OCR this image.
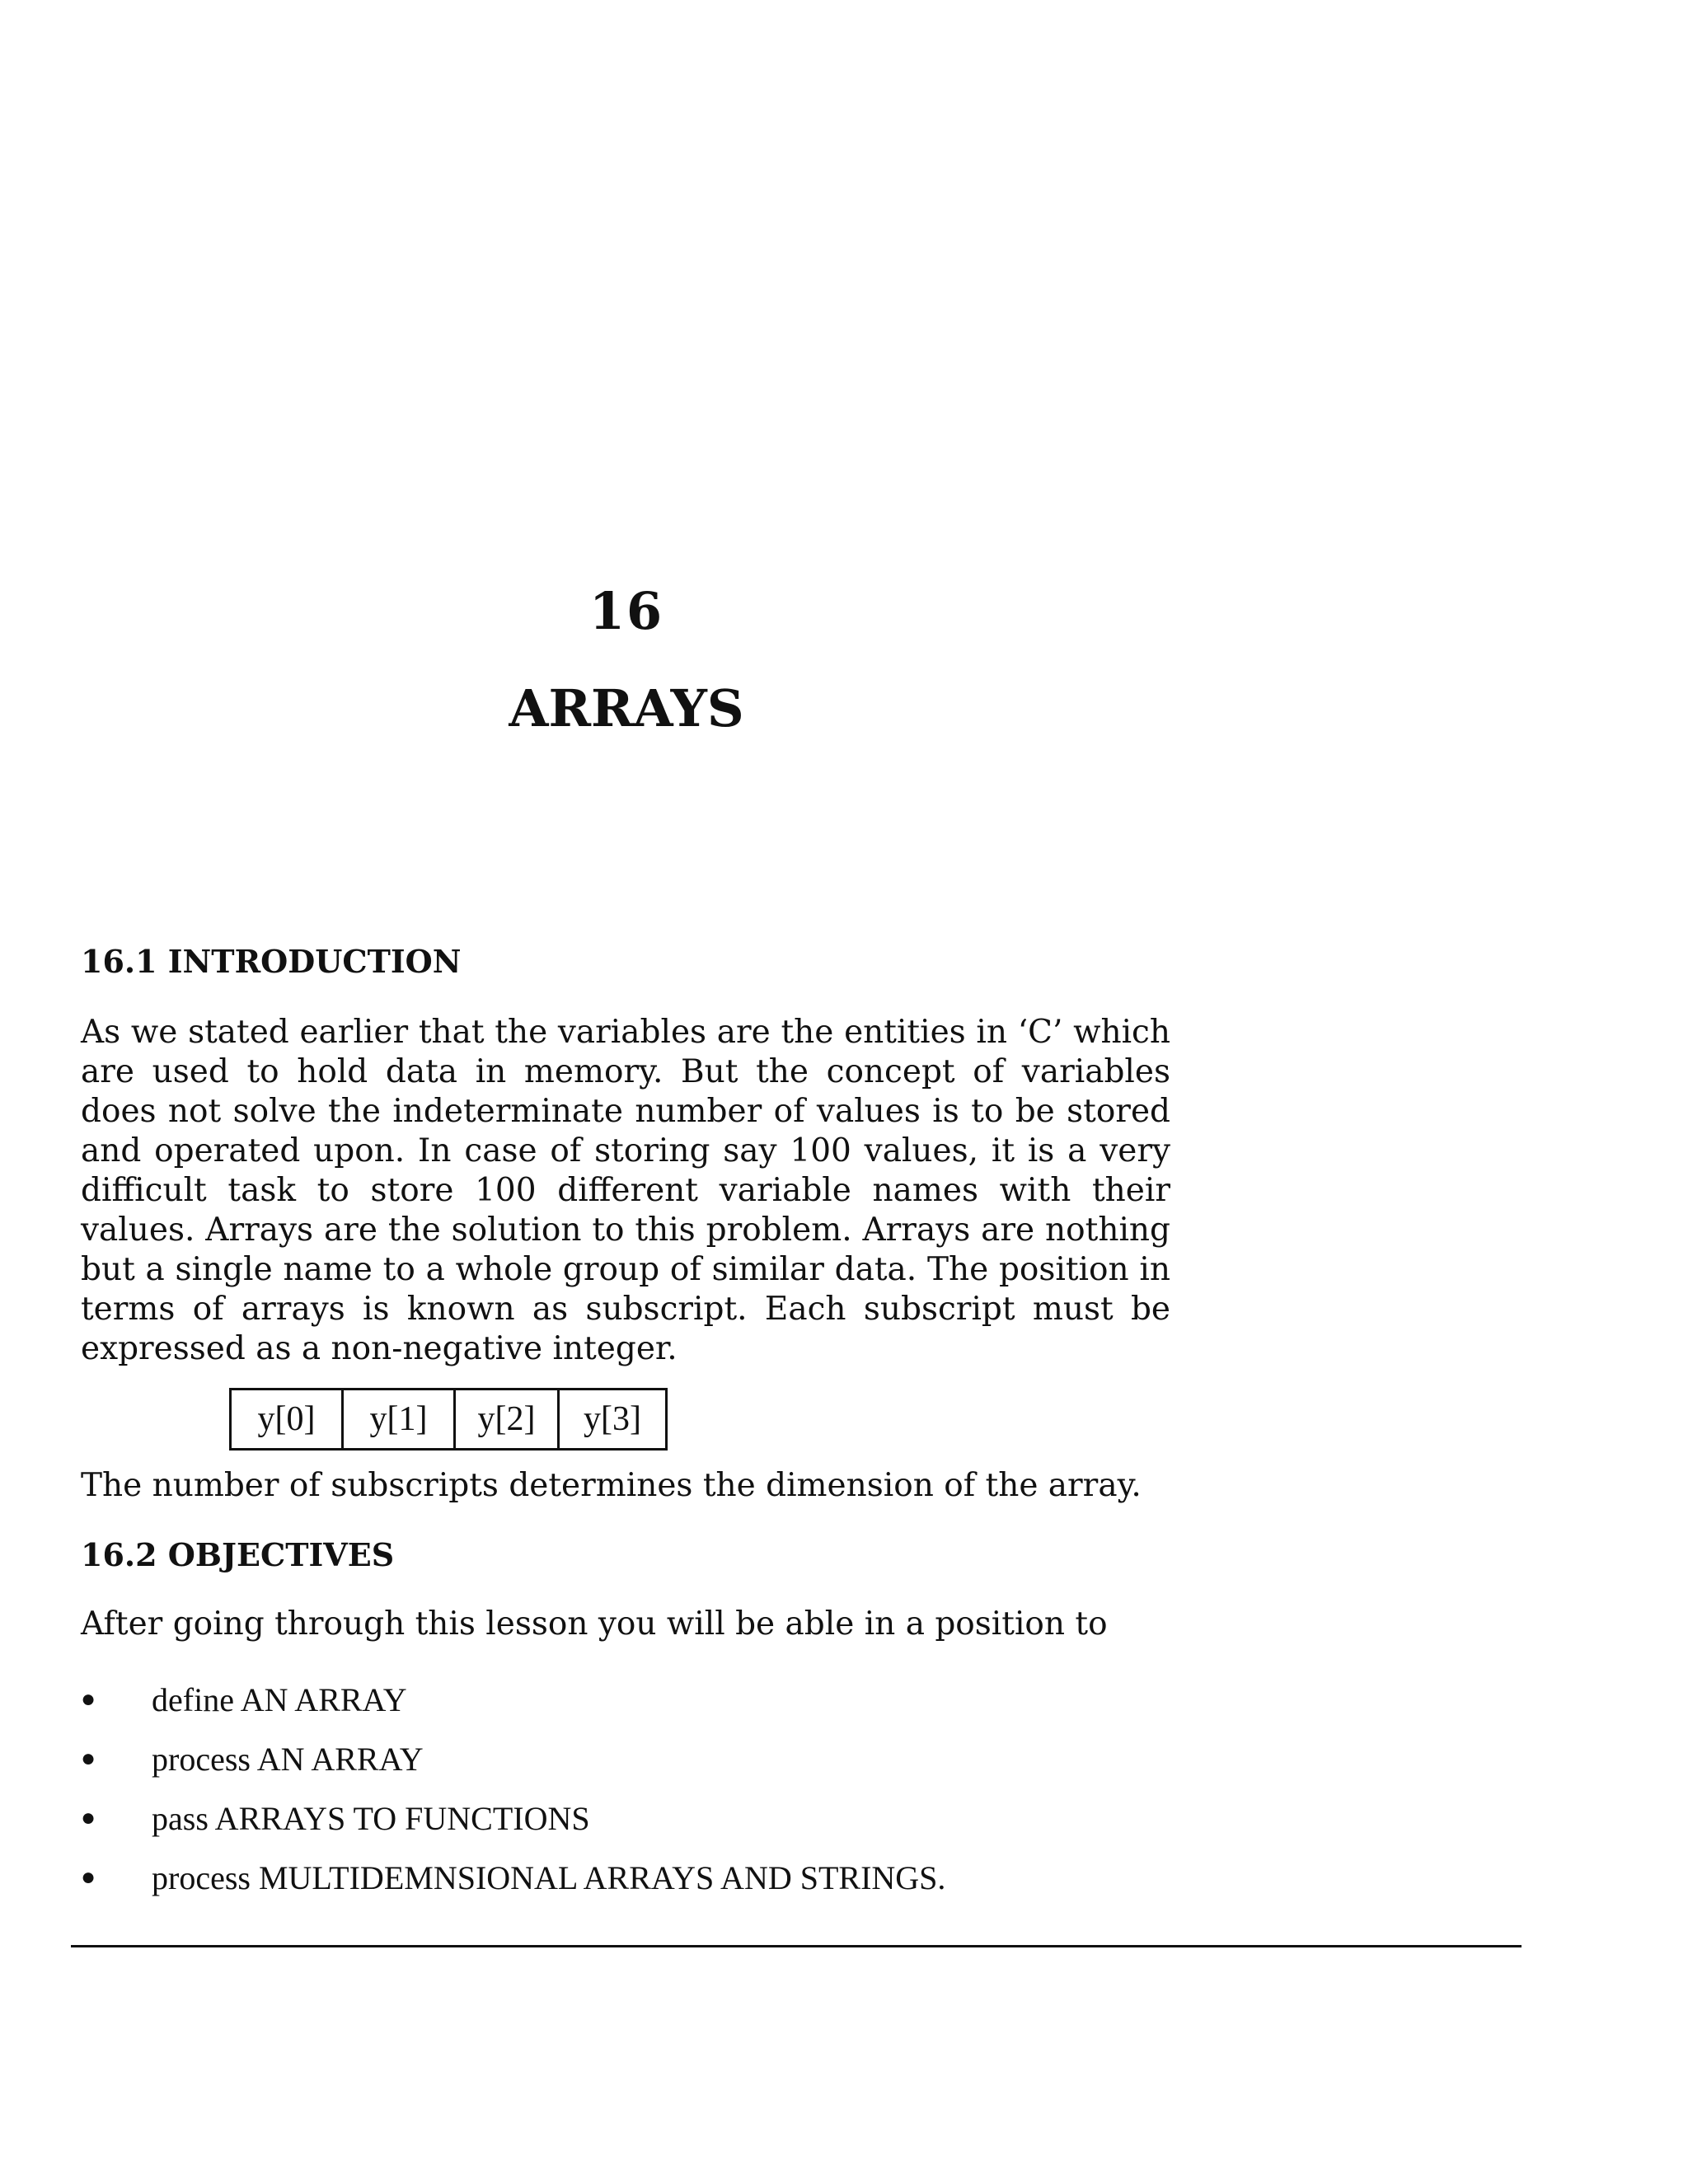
16
ARRAYS
16.1 INTRODUCTION

As we stated earlier that the variables are the entities in ‘C’ which are used to hold data in memory. But the concept of variables does not solve the indeterminate number of values is to be stored and operated upon. In case of storing say 100 values, it is a very difficult task to store 100 different variable names with their values. Arrays are the solution to this problem. Arrays are nothing but a single name to a whole group of similar data. The position in terms of arrays is known as subscript. Each subscript must be expressed as a non-negative integer.

y[0]	y[1]	y[2]	y[3]

The number of subscripts determines the dimension of the array.

16.2 OBJECTIVES

After going through this lesson you will be able in a position to

●	define AN ARRAY
●	process AN ARRAY
●	pass ARRAYS TO FUNCTIONS
●	process MULTIDEMNSIONAL ARRAYS AND STRINGS.
